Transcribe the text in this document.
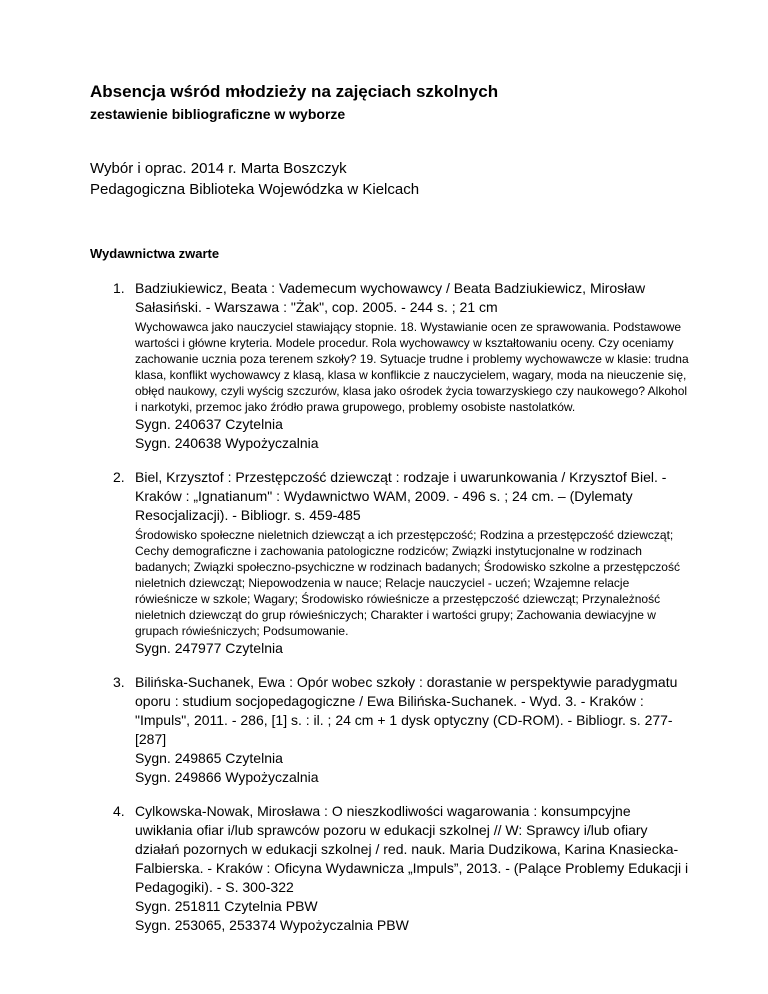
Absencja wśród młodzieży na zajęciach szkolnych
zestawienie bibliograficzne w wyborze
Wybór i oprac. 2014 r. Marta Boszczyk
Pedagogiczna Biblioteka Wojewódzka w Kielcach
Wydawnictwa zwarte
1. Badziukiewicz, Beata : Vademecum wychowawcy / Beata Badziukiewicz, Mirosław Sałasiński. - Warszawa : "Żak", cop. 2005. - 244 s. ; 21 cm
Wychowawca jako nauczyciel stawiający stopnie. 18. Wystawianie ocen ze sprawowania. Podstawowe wartości i główne kryteria. Modele procedur. Rola wychowawcy w kształtowaniu oceny. Czy oceniamy zachowanie ucznia poza terenem szkoły? 19. Sytuacje trudne i problemy wychowawcze w klasie: trudna klasa, konflikt wychowawcy z klasą, klasa w konflikcie z nauczycielem, wagary, moda na nieuczenie się, obłęd naukowy, czyli wyścig szczurów, klasa jako ośrodek życia towarzyskiego czy naukowego? Alkohol i narkotyki, przemoc jako źródło prawa grupowego, problemy osobiste nastolatków.
Sygn. 240637 Czytelnia
Sygn. 240638 Wypożyczalnia
2. Biel, Krzysztof : Przestępczość dziewcząt : rodzaje i uwarunkowania / Krzysztof Biel. - Kraków : „Ignatianum" : Wydawnictwo WAM, 2009. - 496 s. ; 24 cm. – (Dylematy Resocjalizacji). - Bibliogr. s. 459-485
Środowisko społeczne nieletnich dziewcząt a ich przestępczość; Rodzina a przestępczość dziewcząt; Cechy demograficzne i zachowania patologiczne rodziców; Związki instytucjonalne w rodzinach badanych; Związki społeczno-psychiczne w rodzinach badanych; Środowisko szkolne a przestępczość nieletnich dziewcząt; Niepowodzenia w nauce; Relacje nauczyciel - uczeń; Wzajemne relacje rówieśnicze w szkole; Wagary; Środowisko rówieśnicze a przestępczość dziewcząt; Przynależność nieletnich dziewcząt do grup rówieśniczych; Charakter i wartości grupy; Zachowania dewiacyjne w grupach rówieśniczych; Podsumowanie.
Sygn. 247977 Czytelnia
3. Bilińska-Suchanek, Ewa : Opór wobec szkoły : dorastanie w perspektywie paradygmatu oporu : studium socjopedagogiczne / Ewa Bilińska-Suchanek. - Wyd. 3. - Kraków : "Impuls", 2011. - 286, [1] s. : il. ; 24 cm + 1 dysk optyczny (CD-ROM). - Bibliogr. s. 277-[287]
Sygn. 249865 Czytelnia
Sygn. 249866 Wypożyczalnia
4. Cylkowska-Nowak, Mirosława : O nieszkodliwości wagarowania : konsumpcyjne uwikłania ofiar i/lub sprawców pozoru w edukacji szkolnej // W: Sprawcy i/lub ofiary działań pozornych w edukacji szkolnej / red. nauk. Maria Dudzikowa, Karina Knasiecka-Falbierska. - Kraków : Oficyna Wydawnicza „Impuls”, 2013. - (Palące Problemy Edukacji i Pedagogiki). - S. 300-322
Sygn. 251811 Czytelnia PBW
Sygn. 253065, 253374 Wypożyczalnia PBW
